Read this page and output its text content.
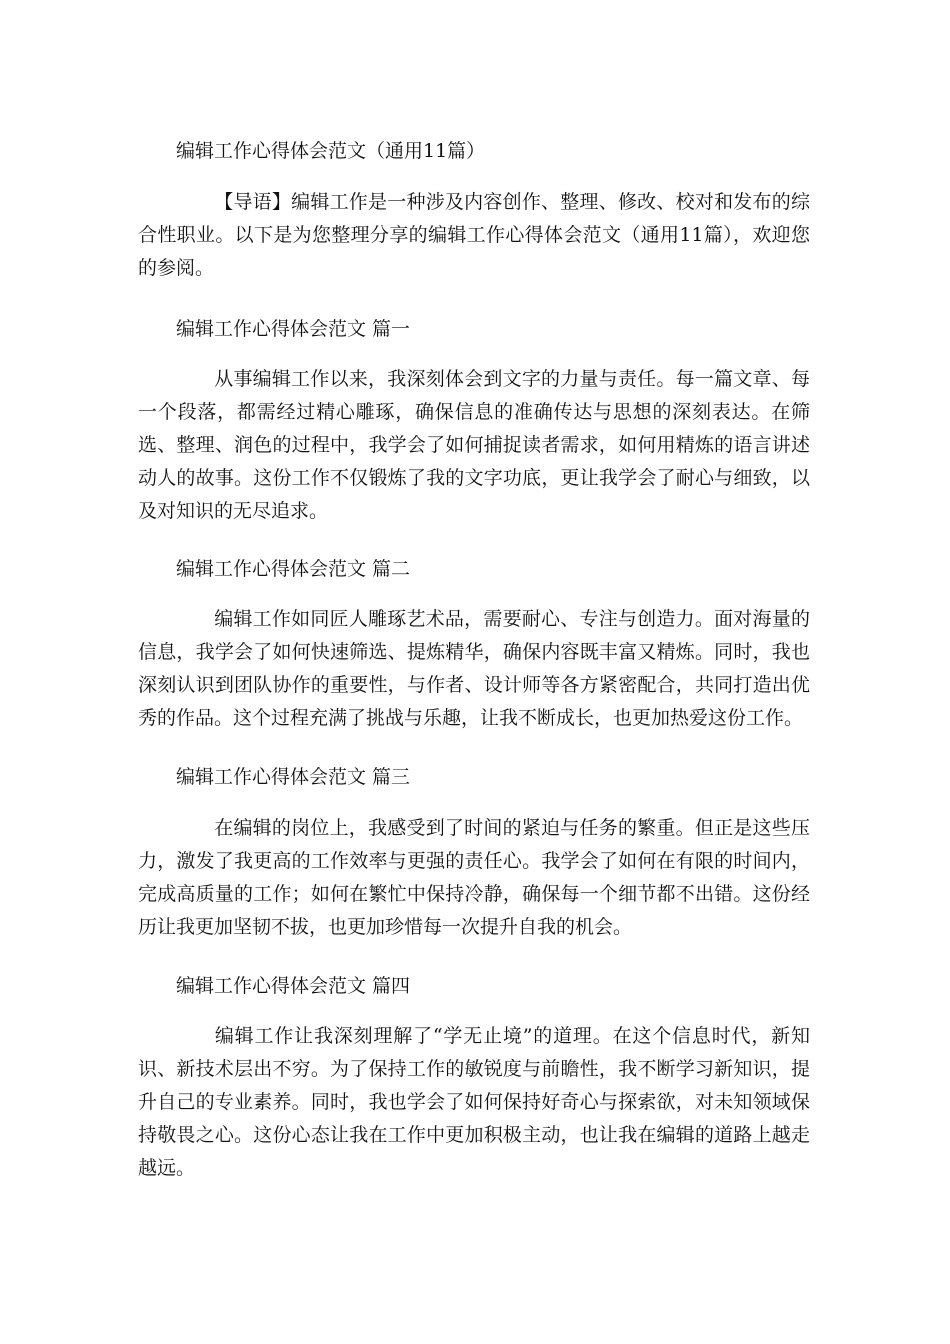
编辑工作心得体会范文（通用11篇）
【导语】编辑工作是一种涉及内容创作、整理、修改、校对和发布的综合性职业。以下是为您整理分享的编辑工作心得体会范文（通用11篇），欢迎您的参阅。
编辑工作心得体会范文 篇一
从事编辑工作以来，我深刻体会到文字的力量与责任。每一篇文章、每一个段落，都需经过精心雕琢，确保信息的准确传达与思想的深刻表达。在筛选、整理、润色的过程中，我学会了如何捕捉读者需求，如何用精炼的语言讲述动人的故事。这份工作不仅锻炼了我的文字功底，更让我学会了耐心与细致，以及对知识的无尽追求。
编辑工作心得体会范文 篇二
编辑工作如同匠人雕琢艺术品，需要耐心、专注与创造力。面对海量的信息，我学会了如何快速筛选、提炼精华，确保内容既丰富又精炼。同时，我也深刻认识到团队协作的重要性，与作者、设计师等各方紧密配合，共同打造出优秀的作品。这个过程充满了挑战与乐趣，让我不断成长，也更加热爱这份工作。
编辑工作心得体会范文 篇三
在编辑的岗位上，我感受到了时间的紧迫与任务的繁重。但正是这些压力，激发了我更高的工作效率与更强的责任心。我学会了如何在有限的时间内，完成高质量的工作；如何在繁忙中保持冷静，确保每一个细节都不出错。这份经历让我更加坚韧不拔，也更加珍惜每一次提升自我的机会。
编辑工作心得体会范文 篇四
编辑工作让我深刻理解了“学无止境”的道理。在这个信息时代，新知识、新技术层出不穷。为了保持工作的敏锐度与前瞻性，我不断学习新知识，提升自己的专业素养。同时，我也学会了如何保持好奇心与探索欲，对未知领域保持敬畏之心。这份心态让我在工作中更加积极主动，也让我在编辑的道路上越走越远。
